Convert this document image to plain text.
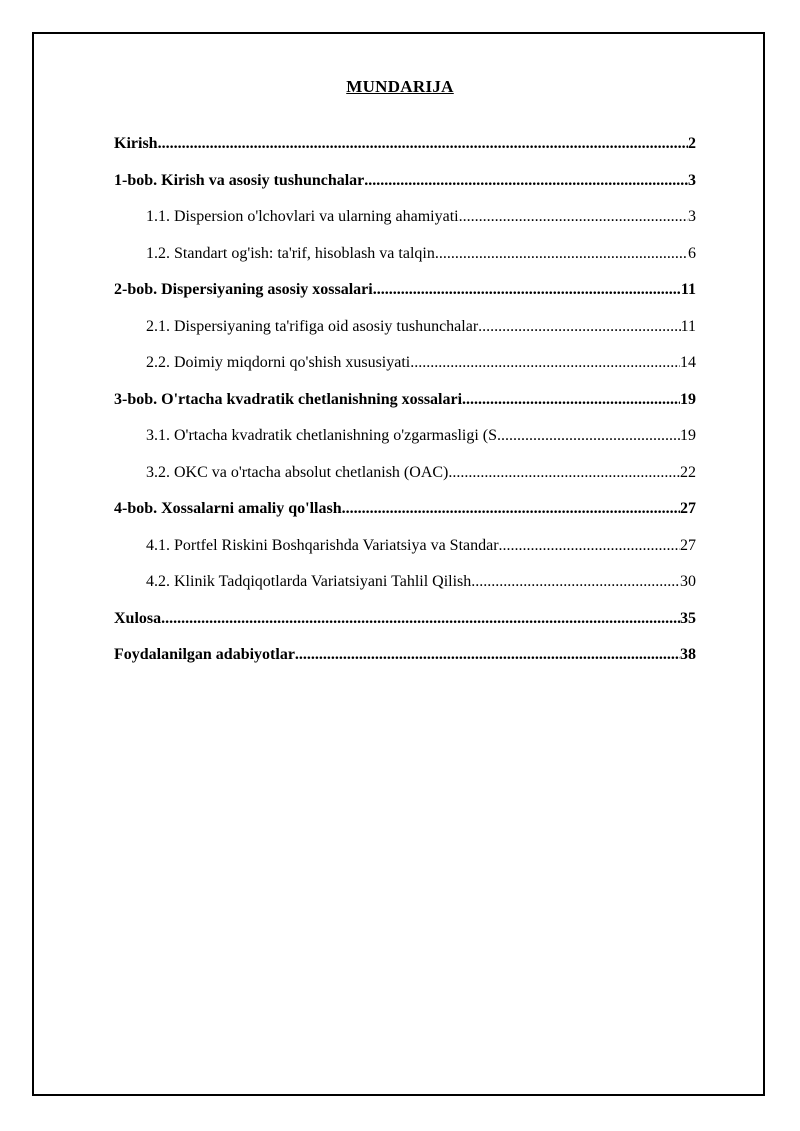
MUNDARIJA
Kirish .....	2
1-bob. Kirish va asosiy tushunchalar .....	3
1.1. Dispersion o'lchovlari va ularning ahamiyati .....	3
1.2. Standart og'ish: ta'rif, hisoblash va talqin .....	6
2-bob. Dispersiyaning asosiy xossalari .....	11
2.1. Dispersiyaning ta'rifiga oid asosiy tushunchalar .....	11
2.2. Doimiy miqdorni qo'shish xususiyati .....	14
3-bob. O'rtacha kvadratik chetlanishning xossalari .....	19
3.1. O'rtacha kvadratik chetlanishning o'zgarmasligi (S .....	19
3.2. OKC va o'rtacha absolut chetlanish (OAC) .....	22
4-bob. Xossalarni amaliy qo'llash .....	27
4.1. Portfel Riskini Boshqarishda Variatsiya va Standar .....	27
4.2. Klinik Tadqiqotlarda Variatsiyani Tahlil Qilish .....	30
Xulosa .....	35
Foydalanilgan adabiyotlar .....	38
